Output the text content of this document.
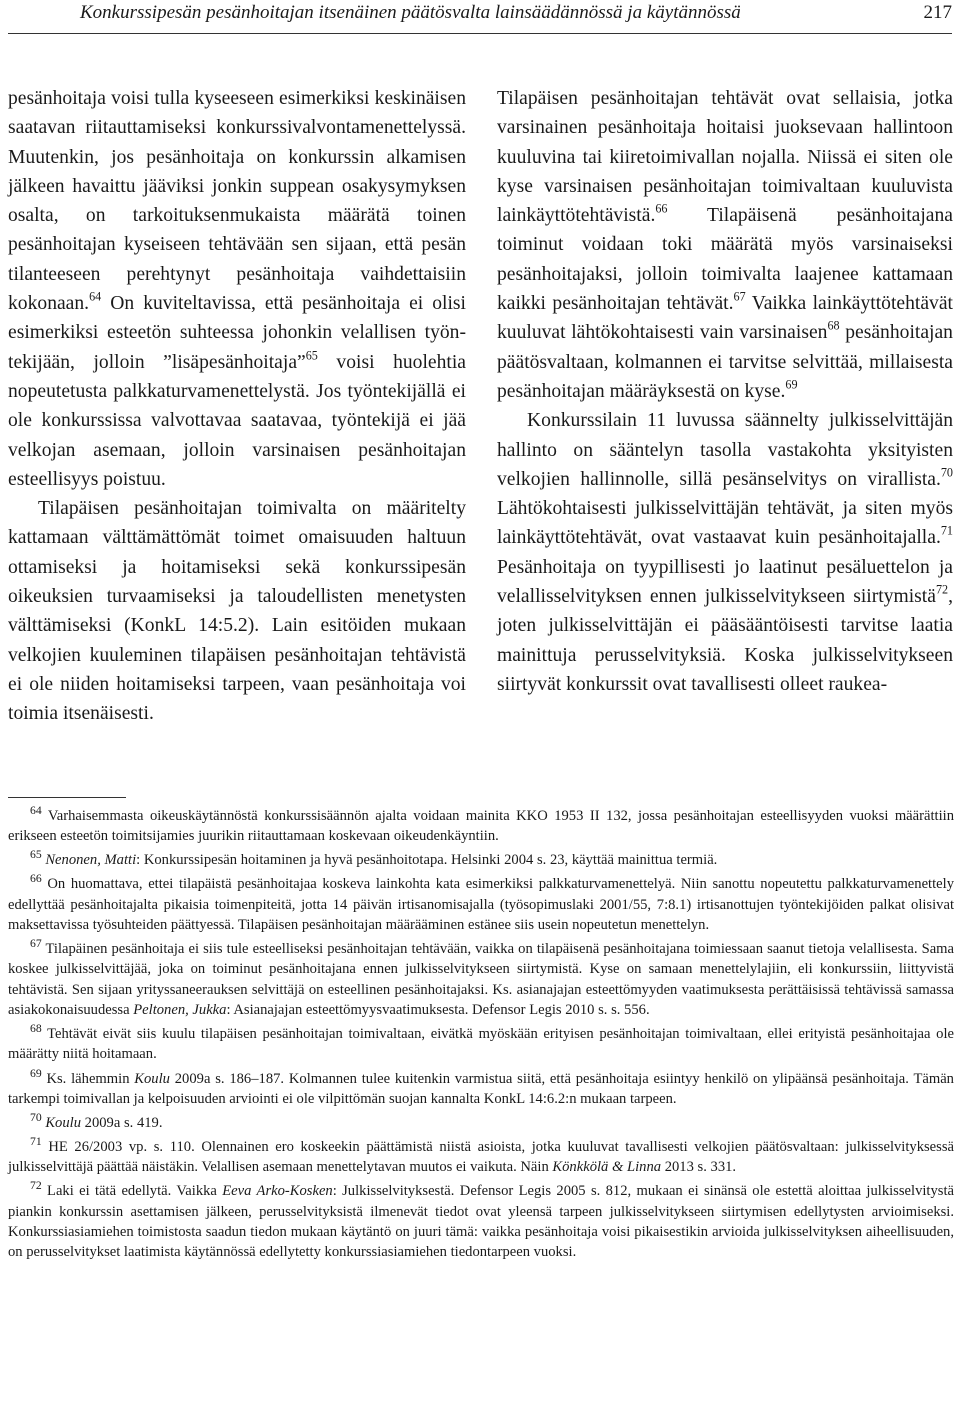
Konkurssipesän pesänhoitajan itsenäinen päätösvalta lainsäädännössä ja käytännössä	217

pesänhoitaja voisi tulla kyseeseen esimerkiksi keskinäisen saatavan riitauttamiseksi konkurssivalvontamenettelyssä. Muutenkin, jos pesänhoitaja on konkurssin alkamisen jälkeen havaittu jääviksi jonkin suppean osakysymyksen osalta, on tarkoituksenmukaista määrätä toinen pesänhoitajan kyseiseen tehtävään sen sijaan, että pesän tilanteeseen perehtynyt pesänhoitaja vaihdettaisiin kokonaan.$^{64}$ On kuviteltavissa, että pesänhoitaja ei olisi esimerkiksi esteetön suhteessa johonkin velallisen työntekijään, jolloin ”lisäpesänhoitaja”$^{65}$ voisi huolehtia nopeutetusta palkkaturvamenettelystä. Jos työntekijällä ei ole konkurssissa valvottavaa saatavaa, työntekijä ei jää velkojan asemaan, jolloin varsinaisen pesänhoitajan esteellisyys poistuu.

Tilapäisen pesänhoitajan toimivalta on määritelty kattamaan välttämättömät toimet omaisuuden haltuun ottamiseksi ja hoitamiseksi sekä konkurssipesän oikeuksien turvaamiseksi ja taloudellisten menetysten välttämiseksi (KonkL 14:5.2). Lain esitöiden mukaan velkojien kuuleminen tilapäisen pesänhoitajan tehtävistä ei ole niiden hoitamiseksi tarpeen, vaan pesänhoitaja voi toimia itsenäisesti.

Tilapäisen pesänhoitajan tehtävät ovat sellaisia, jotka varsinainen pesänhoitaja hoitaisi juoksevaan hallintoon kuuluvina tai kiiretoimivallan nojalla. Niissä ei siten ole kyse varsinaisen pesänhoitajan toimivaltaan kuuluvista lainkäyttötehtävistä.$^{66}$ Tilapäisenä pesänhoitajana toiminut voidaan toki määrätä myös varsinaiseksi pesänhoitajaksi, jolloin toimivalta laajenee kattamaan kaikki pesänhoitajan tehtävät.$^{67}$ Vaikka lainkäyttötehtävät kuuluvat lähtökohtaisesti vain varsinaisen$^{68}$ pesänhoitajan päätösvaltaan, kolmannen ei tarvitse selvittää, millaisesta pesänhoitajan määräyksestä on kyse.$^{69}$

Konkurssilain 11 luvussa säännelty julkisselvittäjän hallinto on sääntelyn tasolla vastakohta yksityisten velkojien hallinnolle, sillä pesänselvitys on virallista.$^{70}$ Lähtökohtaisesti julkisselvittäjän tehtävät, ja siten myös lainkäyttötehtävät, ovat vastaavat kuin pesänhoitajalla.$^{71}$ Pesänhoitaja on tyypillisesti jo laatinut pesäluettelon ja velallisselvityksen ennen julkisselvitykseen siirtymistä$^{72}$, joten julkisselvittäjän ei pääsääntöisesti tarvitse laatia mainittuja perusselvityksiä. Koska julkisselvitykseen siirtyvät konkurssit ovat tavallisesti olleet raukea-

$^{64}$ Varhaisemmasta oikeuskäytännöstä konkurssisäännön ajalta voidaan mainita KKO 1953 II 132, jossa pesänhoitajan esteellisyyden vuoksi määrättiin erikseen esteetön toimitsijamies juurikin riitauttamaan koskevaan oikeudenkäyntiin.

$^{65}$ Nenonen, Matti: Konkurssipesän hoitaminen ja hyvä pesänhoitotapa. Helsinki 2004 s. 23, käyttää mainittua termiä.

$^{66}$ On huomattava, ettei tilapäistä pesänhoitajaa koskeva lainkohta kata esimerkiksi palkkaturvamenettelyä. Niin sanottu nopeutettu palkkaturvamenettely edellyttää pesänhoitajalta pikaisia toimenpiteitä, jotta 14 päivän irtisanomisajalla (työsopimuslaki 2001/55, 7:8.1) irtisanottujen työntekijöiden palkat olisivat maksettavissa työsuhteiden päättyessä. Tilapäisen pesänhoitajan määrääminen estänee siis usein nopeutetun menettelyn.

$^{67}$ Tilapäinen pesänhoitaja ei siis tule esteelliseksi pesänhoitajan tehtävään, vaikka on tilapäisenä pesänhoitajana toimiessaan saanut tietoja velallisesta. Sama koskee julkisselvittäjää, joka on toiminut pesänhoitajana ennen julkisselvitykseen siirtymistä. Kyse on samaan menettelylajiin, eli konkurssiin, liittyvistä tehtävistä. Sen sijaan yrityssaneerauksen selvittäjä on esteellinen pesänhoitajaksi. Ks. asianajajan esteettömyyden vaatimuksesta perättäisissä tehtävissä samassa asiakokonaisuudessa Peltonen, Jukka: Asianajajan esteettömyysvaatimuksesta. Defensor Legis 2010 s. s. 556.

$^{68}$ Tehtävät eivät siis kuulu tilapäisen pesänhoitajan toimivaltaan, eivätkä myöskään erityisen pesänhoitajan toimivaltaan, ellei erityistä pesänhoitajaa ole määrätty niitä hoitamaan.

$^{69}$ Ks. lähemmin Koulu 2009a s. 186–187. Kolmannen tulee kuitenkin varmistua siitä, että pesänhoitaja esiintyy henkilö on ylipäänsä pesänhoitaja. Tämän tarkempi toimivallan ja kelpoisuuden arviointi ei ole vilpittömän suojan kannalta KonkL 14:6.2:n mukaan tarpeen.

$^{70}$ Koulu 2009a s. 419.

$^{71}$ HE 26/2003 vp. s. 110. Olennainen ero koskeekin päättämistä niistä asioista, jotka kuuluvat tavallisesti velkojien päätösvaltaan: julkisselvityksessä julkisselvittäjä päättää näistäkin. Velallisen asemaan menettelytavan muutos ei vaikuta. Näin Könkkölä & Linna 2013 s. 331.

$^{72}$ Laki ei tätä edellytä. Vaikka Eeva Arko-Kosken: Julkisselvityksestä. Defensor Legis 2005 s. 812, mukaan ei sinänsä ole estettä aloittaa julkisselvitystä piankin konkurssin asettamisen jälkeen, perusselvityksistä ilmenevät tiedot ovat yleensä tarpeen julkisselvitykseen siirtymisen edellytysten arvioimiseksi. Konkurssiasiamiehen toimistosta saadun tiedon mukaan käytäntö on juuri tämä: vaikka pesänhoitaja voisi pikaisestikin arvioida julkisselvityksen aiheellisuuden, on perusselvitykset laatimista käytännössä edellytetty konkurssiasiamiehen tiedontarpeen vuoksi.
